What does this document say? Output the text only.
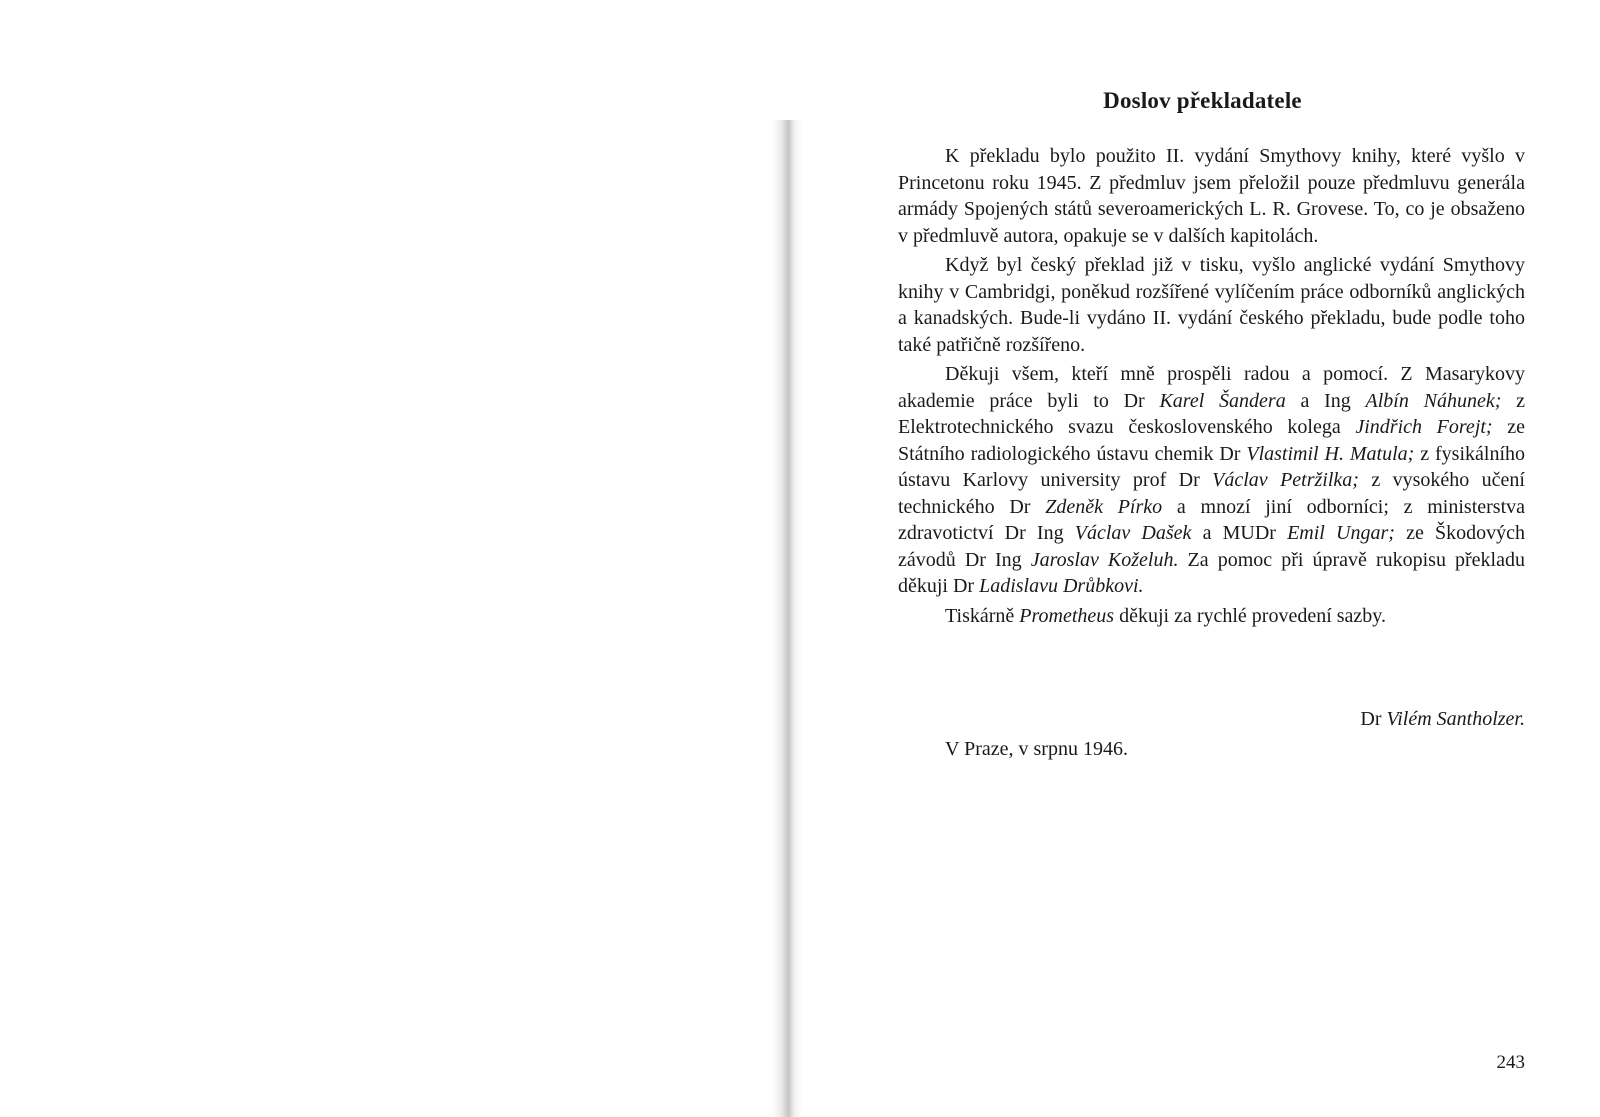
Doslov překladatele

K překladu bylo použito II. vydání Smythovy knihy, které vyšlo v Princetonu roku 1945. Z předmluv jsem přeložil pouze předmluvu generála armády Spojených států severoamerických L. R. Grovese. To, co je obsaženo v předmluvě autora, opakuje se v dalších kapitolách.

Když byl český překlad již v tisku, vyšlo anglické vydání Smythovy knihy v Cambridgi, poněkud rozšířené vylíčením práce odborníků anglických a kanadských. Bude-li vydáno II. vydání českého překladu, bude podle toho také patřičně rozšířeno.

Děkuji všem, kteří mně prospěli radou a pomocí. Z Masarykovy akademie práce byli to Dr Karel Šandera a Ing Albín Náhunek; z Elektrotechnického svazu československého kolega Jindřich Forejt; ze Státního radiologického ústavu chemik Dr Vlastimil H. Matula; z fysikálního ústavu Karlovy university prof Dr Václav Petržilka; z vysokého učení technického Dr Zdeněk Pírko a mnozí jiní odborníci; z ministerstva zdravotictví Dr Ing Václav Dašek a MUDr Emil Ungar; ze Škodových závodů Dr Ing Jaroslav Koželuh. Za pomoc při úpravě rukopisu překladu děkuji Dr Ladislavu Drůbkovi.

Tiskárně Prometheus děkuji za rychlé provedení sazby.

Dr Vilém Santholzer.
V Praze, v srpnu 1946.
243
